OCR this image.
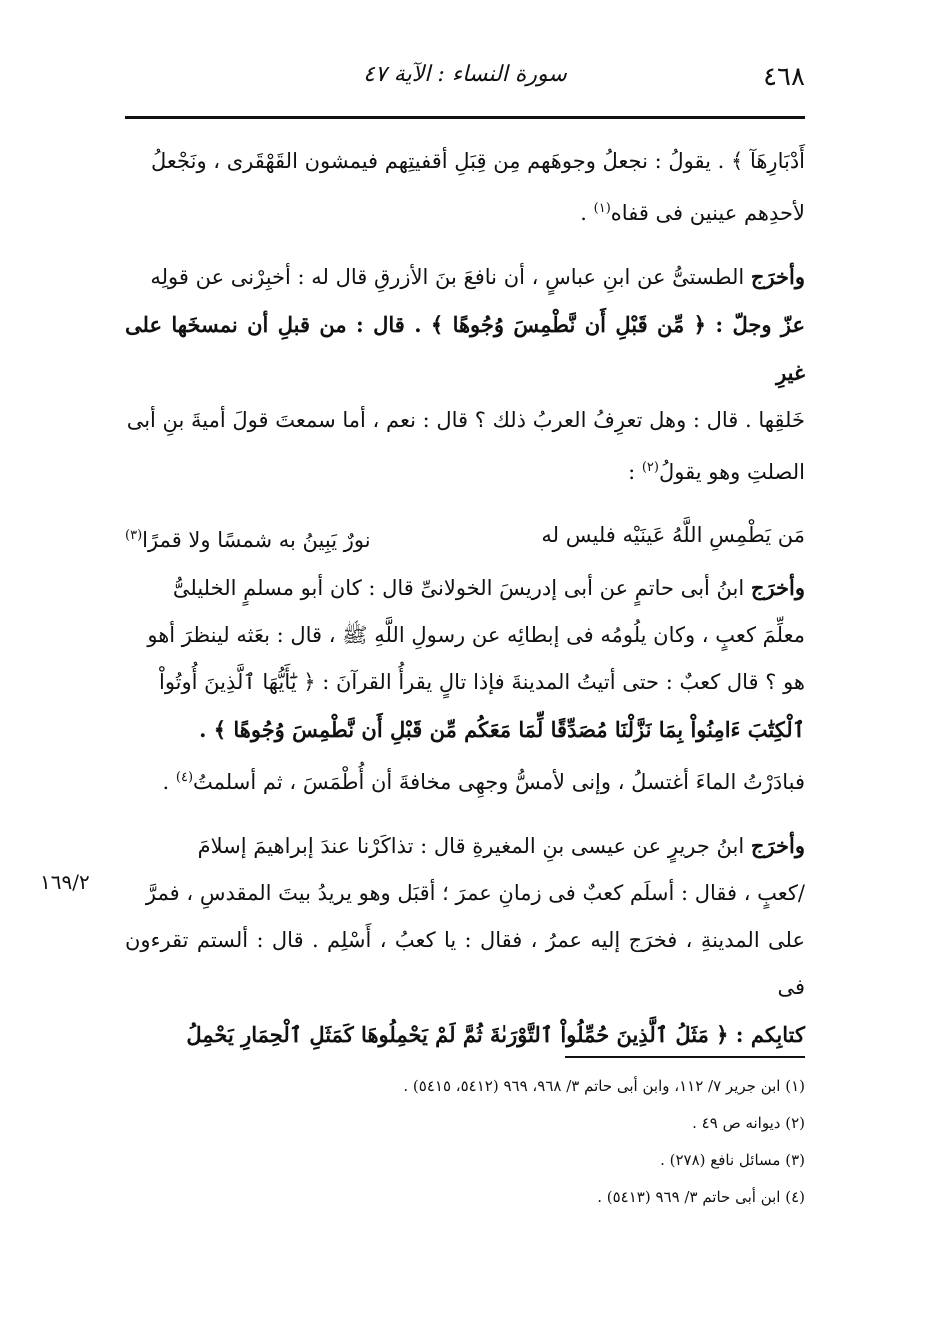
٤٦٨
سورة النساء : الآية ٤٧

أَدْبَارِهَآ ﴾ . يقولُ : نجعلُ وجوهَهم مِن قِبَلِ أقفيتِهم فيمشون القَهْقَرى ، ونَجْعلُ
لأحدِهم عينين فى قفاه$^{(١)}$ .

وأخرَج الطستىُّ عن ابنِ عباسٍ ، أن نافعَ بنَ الأزرقِ قال له : أخبِرْنى عن قولِه
عزّ وجلّ : ﴿ مِّن قَبْلِ أَن نَّطْمِسَ وُجُوهًا ﴾ . قال : من قبلِ أن نمسخَها على غيرِ
خَلقِها . قال : وهل تعرِفُ العربُ ذلك ؟ قال : نعم ، أما سمعتَ قولَ أميةَ بنِ أبى
الصلتِ وهو يقولُ$^{(٢)}$ :

مَن يَطْمِسِ اللَّهُ عَينَيْه فليس له
نورٌ يَبِينُ به شمسًا ولا قمرًا$^{(٣)}$

وأخرَج ابنُ أبى حاتمٍ عن أبى إدريسَ الخولانىِّ قال : كان أبو مسلمٍ الخليلىُّ
معلِّمَ كعبٍ ، وكان يلُومُه فى إبطائِه عن رسولِ اللَّهِ ﷺ ، قال : بعَثه لينظرَ أهو
هو ؟ قال كعبٌ : حتى أتيتُ المدينةَ فإذا تالٍ يقرأُ القرآنَ : ﴿ يَٰٓأَيُّهَا ٱلَّذِينَ أُوتُواْ
ٱلْكِتَٰبَ ءَامِنُواْ بِمَا نَزَّلْنَا مُصَدِّقًا لِّمَا مَعَكُم مِّن قَبْلِ أَن نَّطْمِسَ وُجُوهًا ﴾ .
فبادَرْتُ الماءَ أغتسلُ ، وإنى لأمسُّ وجهِى مخافةَ أن أُطْمَسَ ، ثم أسلمتُ$^{(٤)}$ .

وأخرَج ابنُ جريرٍ عن عيسى بنِ المغيرةِ قال : تذاكَرْنا عندَ إبراهيمَ إسلامَ
/كعبٍ ، فقال : أسلَم كعبٌ فى زمانِ عمرَ ؛ أقبَل وهو يريدُ بيتَ المقدسِ ، فمرَّ
على المدينةِ ، فخرَج إليه عمرُ ، فقال : يا كعبُ ، أَسْلِم . قال : ألستم تقرءون فى
كتابِكم : ﴿ مَثَلُ ٱلَّذِينَ حُمِّلُواْ ٱلتَّوْرَىٰةَ ثُمَّ لَمْ يَحْمِلُوهَا كَمَثَلِ ٱلْحِمَارِ يَحْمِلُ

١٦٩/٢

(١) ابن جرير ٧/ ١١٢، وابن أبى حاتم ٣/ ٩٦٨، ٩٦٩ (٥٤١٢، ٥٤١٥) .

(٢) ديوانه ص ٤٩ .

(٣) مسائل نافع (٢٧٨) .

(٤) ابن أبى حاتم ٣/ ٩٦٩ (٥٤١٣) .
